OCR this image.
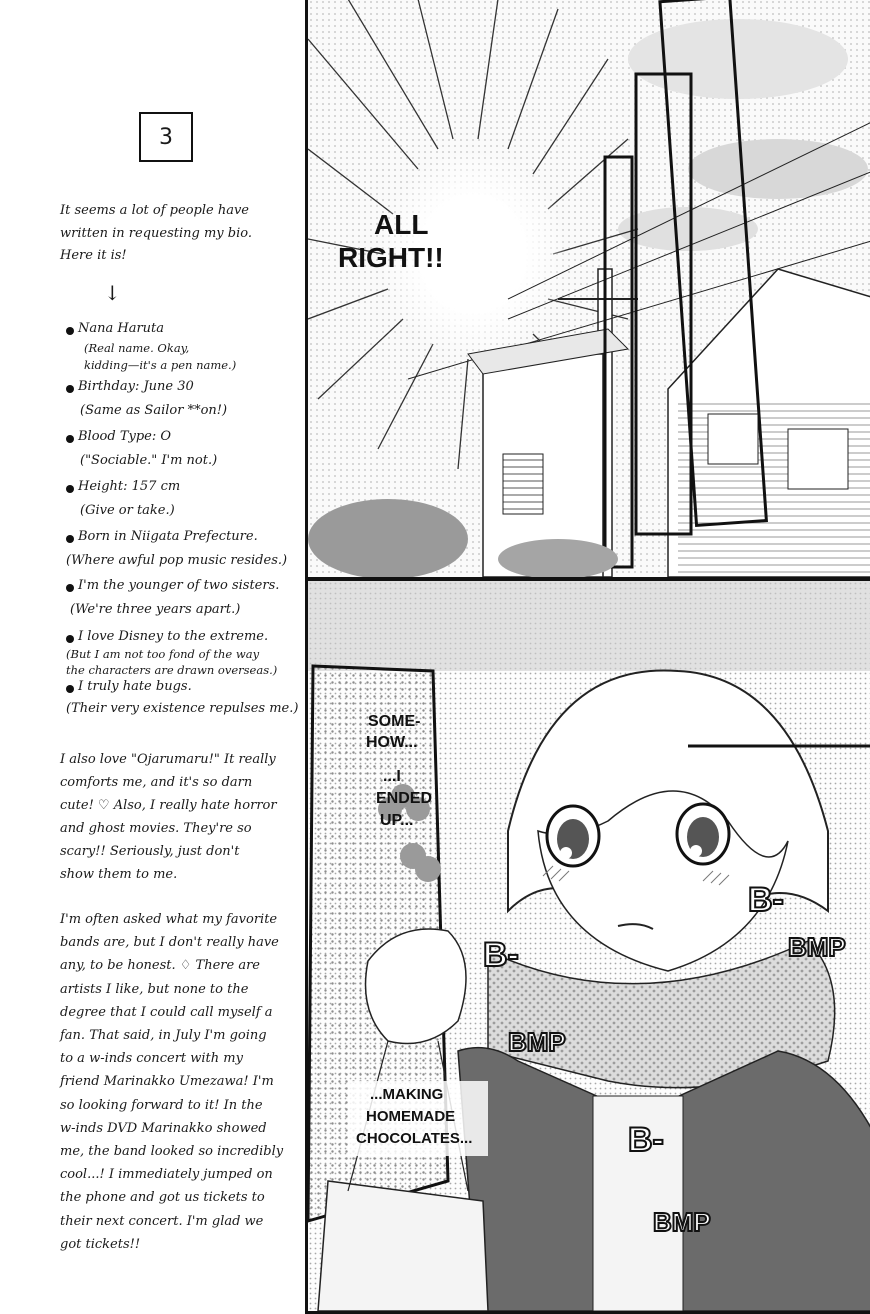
3
It seems a lot of people have
written in requesting my bio.
Here it is!
↓
Nana Haruta
(Real name. Okay,
kidding—it's a pen name.)
Birthday: June 30
(Same as Sailor **on!)
Blood Type: O
("Sociable." I'm not.)
Height: 157 cm
(Give or take.)
Born in Niigata Prefecture.
(Where awful pop music resides.)
I'm the younger of two sisters.
(We're three years apart.)
I love Disney to the extreme.
(But I am not too fond of the way
the characters are drawn overseas.)
I truly hate bugs.
(Their very existence repulses me.)
I also love "Ojarumaru!" It really
comforts me, and it's so darn
cute! ♡ Also, I really hate horror
and ghost movies. They're so
scary!! Seriously, just don't
show them to me.
I'm often asked what my favorite
bands are, but I don't really have
any, to be honest. ♢ There are
artists I like, but none to the
degree that I could call myself a
fan. That said, in July I'm going
to a w-inds concert with my
friend Marinakko Umezawa! I'm
so looking forward to it! In the
w-inds DVD Marinakko showed
me, the band looked so incredibly
cool...! I immediately jumped on
the phone and got us tickets to
their next concert. I'm glad we
got tickets!!
ALL
RIGHT!!
SOME- HOW...
...I ENDED UP...
...MAKING HOMEMADE CHOCOLATES...
B- BMP
B- BMP
B- BMP
